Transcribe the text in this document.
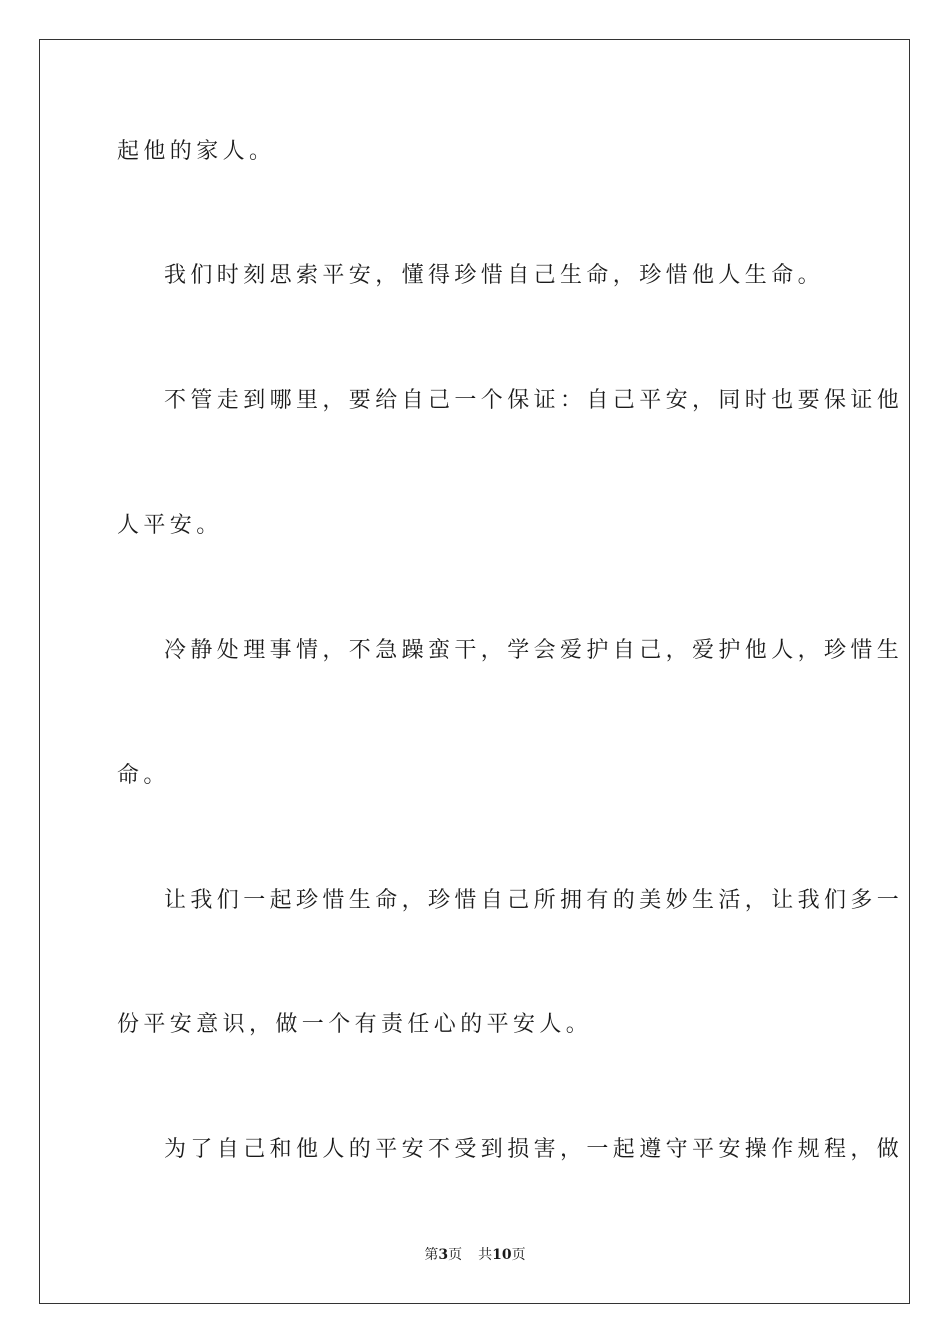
起他的家人。
我们时刻思索平安，懂得珍惜自己生命，珍惜他人生命。
不管走到哪里，要给自己一个保证：自己平安，同时也要保证他
人平安。
冷静处理事情，不急躁蛮干，学会爱护自己，爱护他人，珍惜生
命。
让我们一起珍惜生命，珍惜自己所拥有的美妙生活，让我们多一
份平安意识，做一个有责任心的平安人。
为了自己和他人的平安不受到损害，一起遵守平安操作规程，做
第3页 共10页
